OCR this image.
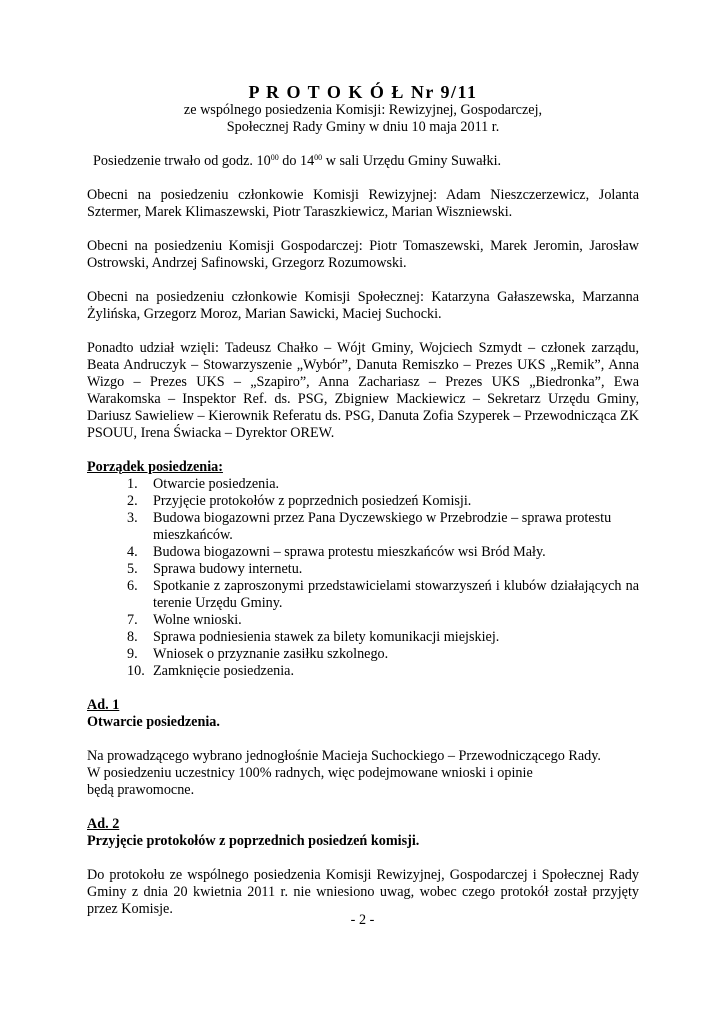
P R O T O K Ó Ł Nr 9/11
ze wspólnego posiedzenia Komisji: Rewizyjnej, Gospodarczej,
Społecznej Rady Gminy w dniu 10 maja 2011 r.

Posiedzenie trwało od godz. $10^{00}$ do $14^{00}$ w sali Urzędu Gminy Suwałki.

Obecni na posiedzeniu członkowie Komisji Rewizyjnej: Adam Nieszczerzewicz, Jolanta Sztermer, Marek Klimaszewski, Piotr Taraszkiewicz, Marian Wiszniewski.

Obecni na posiedzeniu Komisji Gospodarczej: Piotr Tomaszewski, Marek Jeromin, Jarosław Ostrowski, Andrzej Safinowski, Grzegorz Rozumowski.

Obecni na posiedzeniu członkowie Komisji Społecznej: Katarzyna Gałaszewska, Marzanna Żylińska, Grzegorz Moroz, Marian Sawicki, Maciej Suchocki.

Ponadto udział wzięli: Tadeusz Chałko – Wójt Gminy, Wojciech Szmydt – członek zarządu, Beata Andruczyk – Stowarzyszenie „Wybór”, Danuta Remiszko – Prezes UKS „Remik”, Anna Wizgo – Prezes UKS – „Szapiro”, Anna Zachariasz – Prezes UKS „Biedronka”, Ewa Warakomska – Inspektor Ref. ds. PSG, Zbigniew Mackiewicz – Sekretarz Urzędu Gminy, Dariusz Sawieliew – Kierownik Referatu ds. PSG, Danuta Zofia Szyperek – Przewodnicząca ZK PSOUU, Irena Świacka – Dyrektor OREW.

Porządek posiedzenia:

1. Otwarcie posiedzenia.
2. Przyjęcie protokołów z poprzednich posiedzeń Komisji.
3. Budowa biogazowni przez Pana Dyczewskiego w Przebrodzie – sprawa protestu mieszkańców.
4. Budowa biogazowni – sprawa protestu mieszkańców wsi Bród Mały.
5. Sprawa budowy internetu.
6. Spotkanie z zaproszonymi przedstawicielami stowarzyszeń i klubów działających na terenie Urzędu Gminy.
7. Wolne wnioski.
8. Sprawa podniesienia stawek za bilety komunikacji miejskiej.
9. Wniosek o przyznanie zasiłku szkolnego.
10. Zamknięcie posiedzenia.

Ad. 1

Otwarcie posiedzenia.

Na prowadzącego wybrano jednogłośnie Macieja Suchockiego – Przewodniczącego Rady.

W posiedzeniu uczestnicy 100% radnych, więc podejmowane wnioski i opinie będą prawomocne.

Ad. 2

Przyjęcie protokołów z poprzednich posiedzeń komisji.

Do protokołu ze wspólnego posiedzenia Komisji Rewizyjnej, Gospodarczej i Społecznej Rady Gminy z dnia 20 kwietnia 2011 r. nie wniesiono uwag, wobec czego protokół został przyjęty przez Komisje.

- 2 -
